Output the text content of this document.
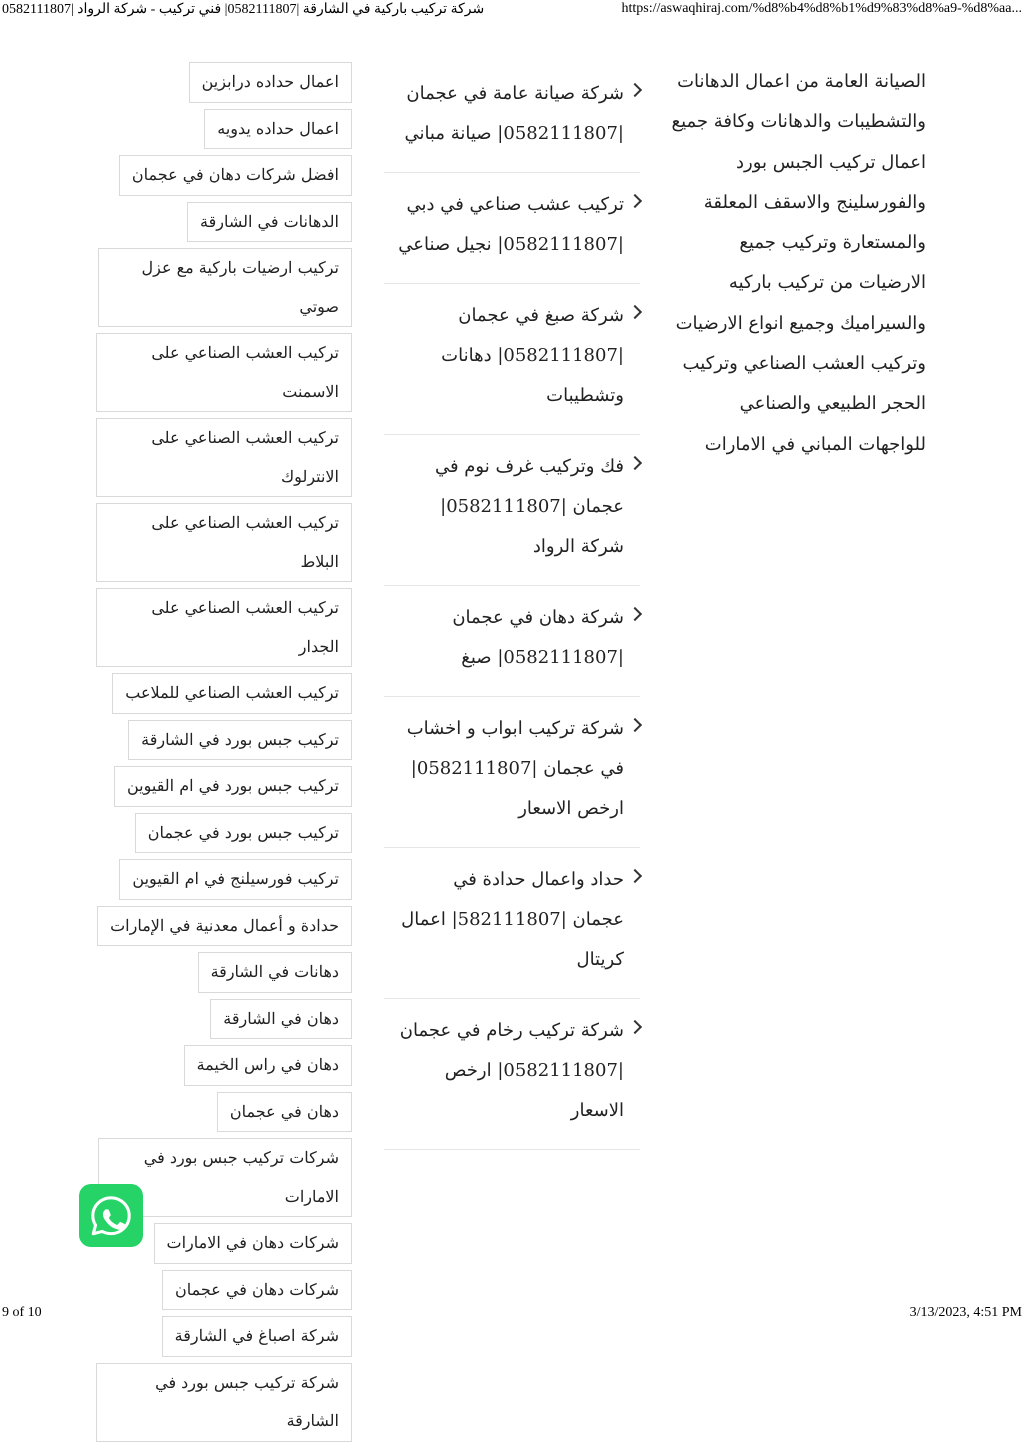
شركة تركيب باركية في الشارقة |0582111807| فني تركيب - شركة الرواد |0582111807	https://aswaqhiraj.com/%d8%b4%d8%b1%d9%83%d8%a9-%d8%aa...
الصيانة العامة من اعمال الدهانات والتشطيبات والدهانات وكافة جميع اعمال تركيب الجبس بورد والفورسلينج والاسقف المعلقة والمستعارة وتركيب جميع الارضيات من تركيب باركيه والسيراميك وجميع انواع الارضيات وتركيب العشب الصناعي وتركيب الحجر الطبيعي والصناعي للواجهات المباني في الامارات
شركة صيانة عامة في عجمان |0582111807| صيانة مباني
تركيب عشب صناعي في دبي |0582111807| نجيل صناعي
شركة صبغ في عجمان |0582111807| دهانات وتشطيبات
فك وتركيب غرف نوم في عجمان |0582111807| شركة الرواد
شركة دهان في عجمان |0582111807| صبغ
شركة تركيب ابواب و اخشاب في عجمان |0582111807| ارخص الاسعار
حداد واعمال حدادة في عجمان |582111807| اعمال كريتال
شركة تركيب رخام في عجمان |0582111807| ارخص الاسعار
اعمال حداده درابزين
اعمال حداده يدويه
افضل شركات دهان في عجمان
الدهانات في الشارقة
تركيب ارضيات باركية مع عزل صوتي
تركيب العشب الصناعي على الاسمنت
تركيب العشب الصناعي على الانترلوك
تركيب العشب الصناعي على البلاط
تركيب العشب الصناعي على الجدار
تركيب العشب الصناعي للملاعب
تركيب جبس بورد في الشارقة
تركيب جبس بورد في ام القيوين
تركيب جبس بورد في عجمان
تركيب فورسيلنج في ام القيوين
حدادة و أعمال معدنية في الإمارات
دهانات في الشارقة
دهان في الشارقة
دهان في راس الخيمة
دهان في عجمان
شركات تركيب جبس بورد في الامارات
شركات دهان في الامارات
شركات دهان في عجمان
شركة اصباغ في الشارقة
شركة تركيب جبس بورد في الشارقة
9 of 10	3/13/2023, 4:51 PM
